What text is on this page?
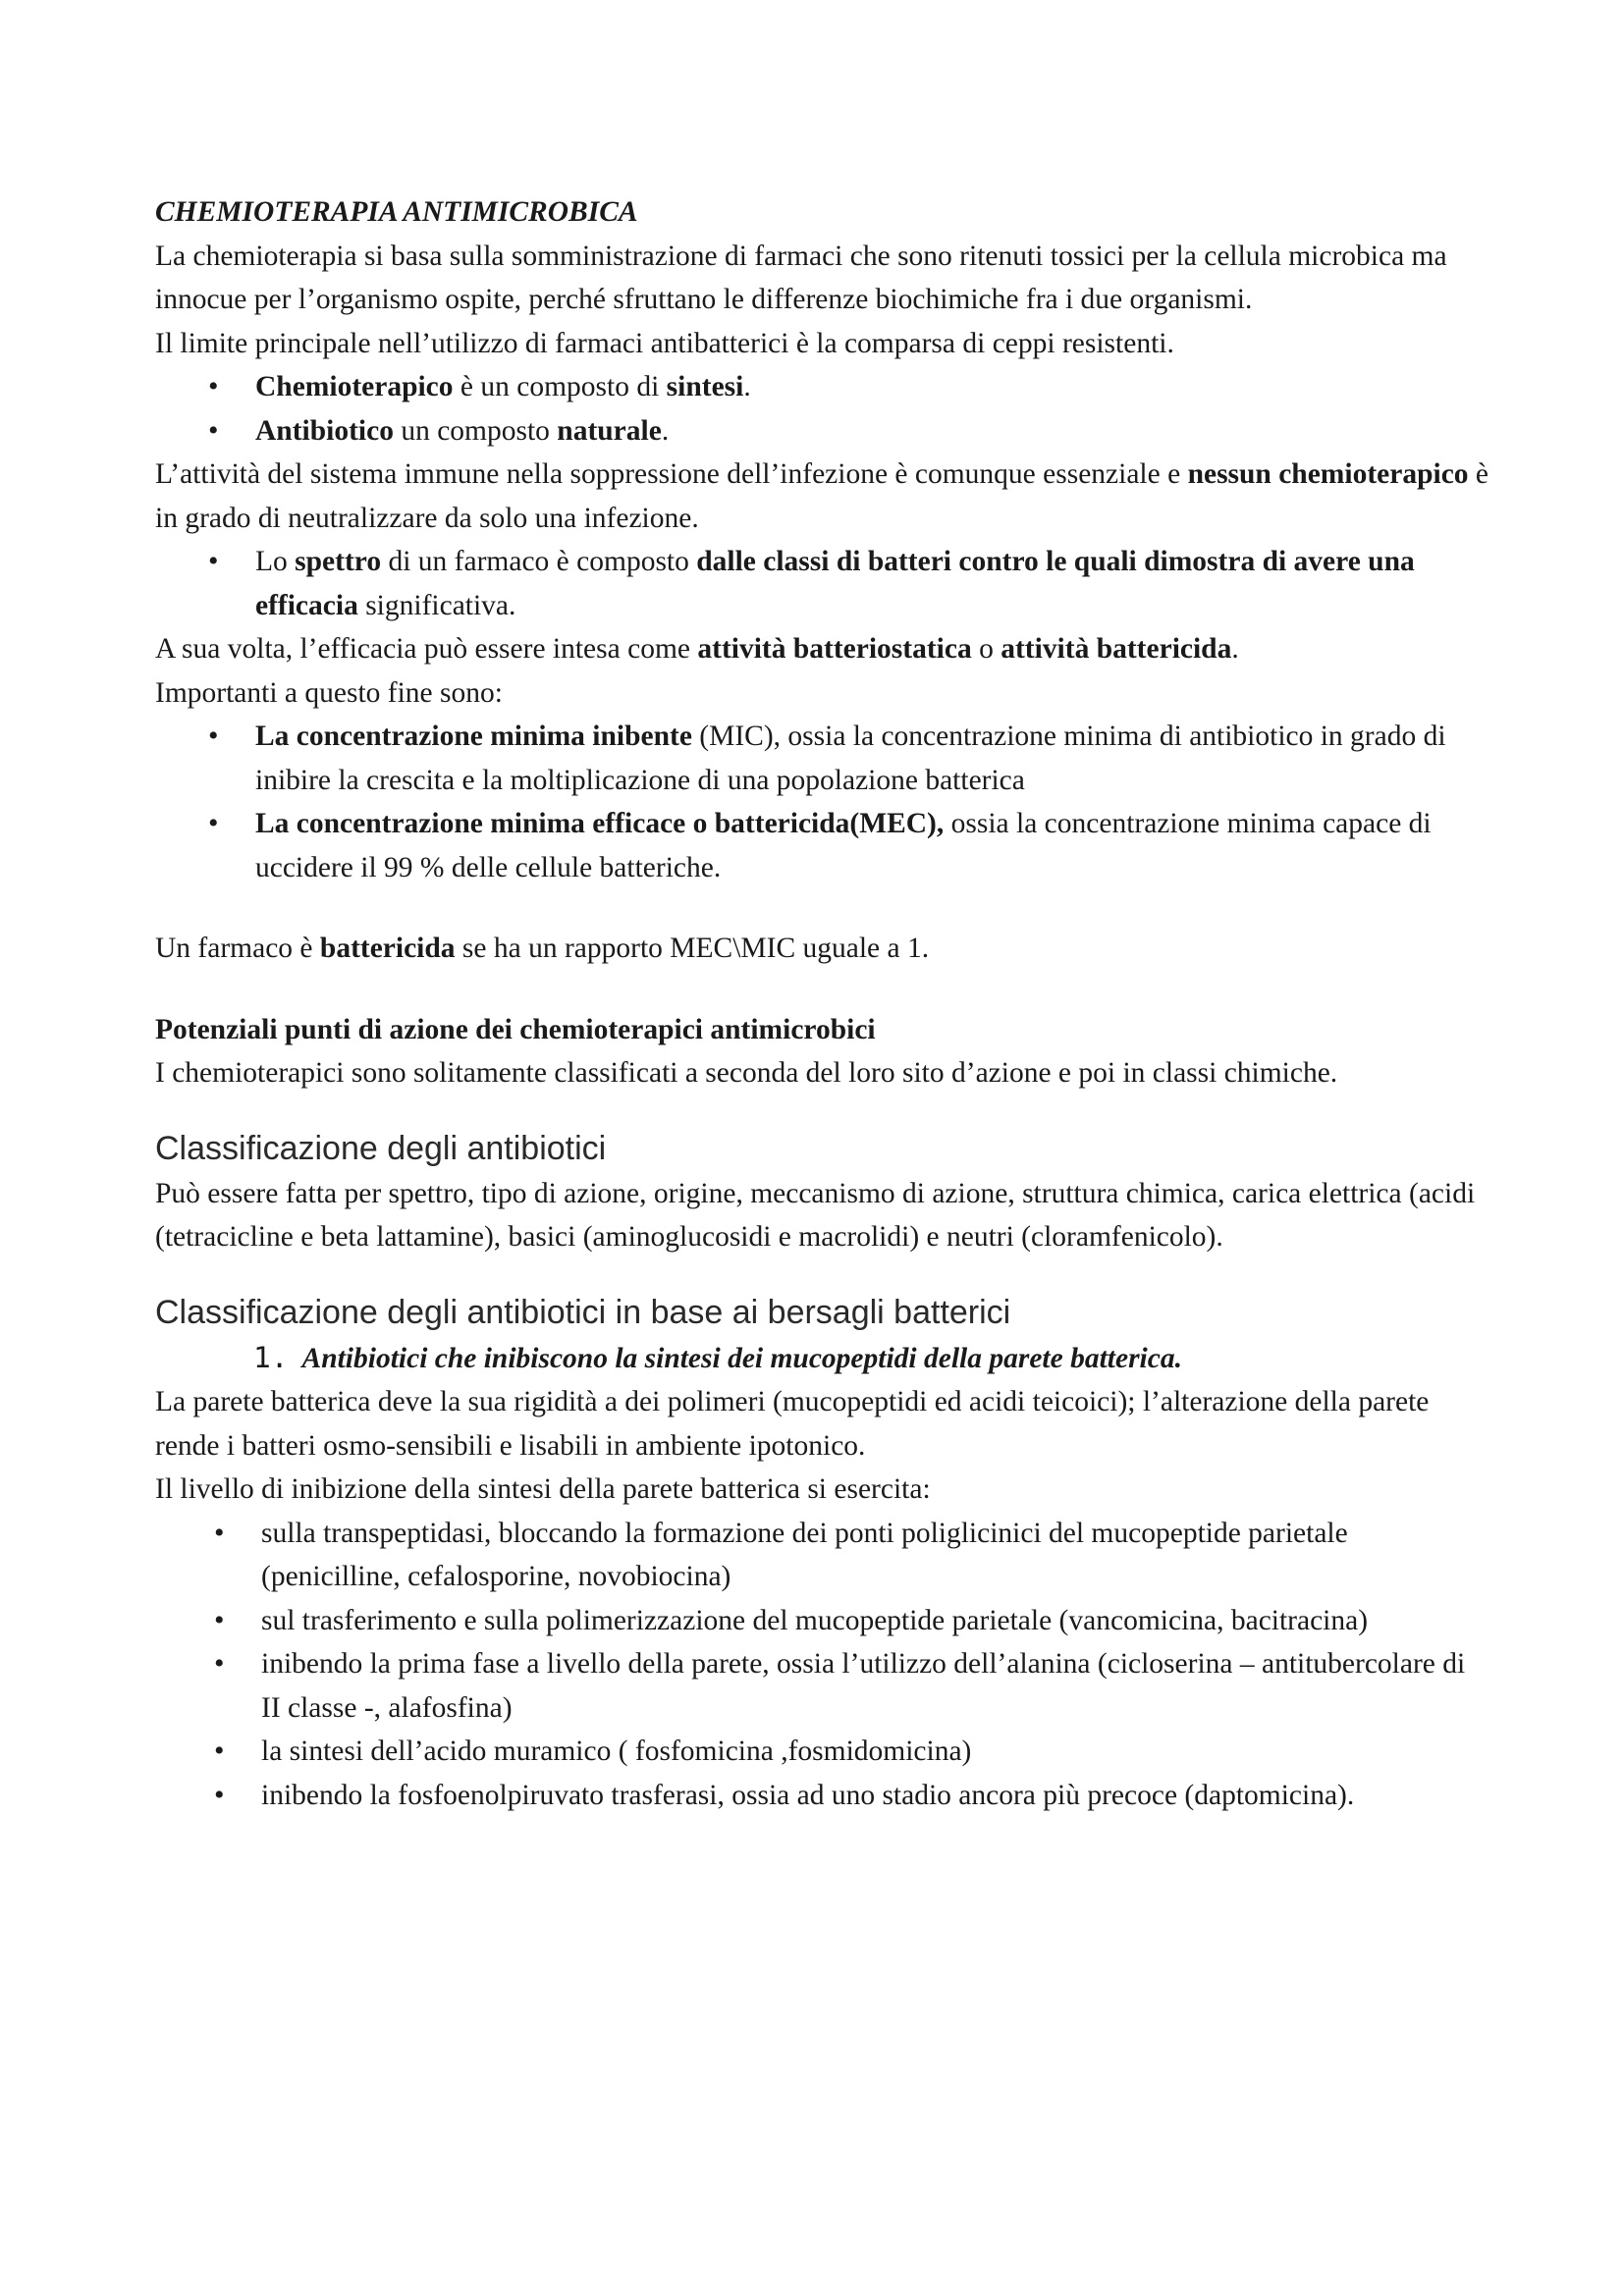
CHEMIOTERAPIA ANTIMICROBICA

La chemioterapia si basa sulla somministrazione di farmaci che sono ritenuti tossici per la cellula microbica ma innocue per l’organismo ospite, perché sfruttano le differenze biochimiche fra i due organismi.

Il limite principale nell’utilizzo di farmaci antibatterici è la comparsa di ceppi resistenti.

• Chemioterapico è un composto di sintesi.
• Antibiotico un composto naturale.

L’attività del sistema immune nella soppressione dell’infezione è comunque essenziale e nessun chemioterapico è in grado di neutralizzare da solo una infezione.

• Lo spettro di un farmaco è composto dalle classi di batteri contro le quali dimostra di avere una efficacia significativa.

A sua volta, l’efficacia può essere intesa come attività batteriostatica o attività battericida.

Importanti a questo fine sono:

• La concentrazione minima inibente (MIC), ossia la concentrazione minima di antibiotico in grado di inibire la crescita e la moltiplicazione di una popolazione batterica
• La concentrazione minima efficace o battericida(MEC), ossia la concentrazione minima capace di uccidere il 99 % delle cellule batteriche.

Un farmaco è battericida se ha un rapporto MEC\MIC uguale a 1.

Potenziali punti di azione dei chemioterapici antimicrobici

I chemioterapici sono solitamente classificati a seconda del loro sito d’azione e poi in classi chimiche.

Classificazione degli antibiotici

Può essere fatta per spettro, tipo di azione, origine, meccanismo di azione, struttura chimica, carica elettrica (acidi (tetracicline e beta lattamine), basici (aminoglucosidi e macrolidi) e neutri (cloramfenicolo).

Classificazione degli antibiotici in base ai bersagli batterici

1. Antibiotici che inibiscono la sintesi dei mucopeptidi della parete batterica.

La parete batterica deve la sua rigidità a dei polimeri (mucopeptidi ed acidi teicoici); l’alterazione della parete rende i batteri osmo-sensibili e lisabili in ambiente ipotonico.

Il livello di inibizione della sintesi della parete batterica si esercita:

• sulla transpeptidasi, bloccando la formazione dei ponti poliglicinici del mucopeptide parietale (penicilline, cefalosporine, novobiocina)
• sul trasferimento e sulla polimerizzazione del mucopeptide parietale (vancomicina, bacitracina)
• inibendo la prima fase a livello della parete, ossia l’utilizzo dell’alanina (cicloserina – antitubercolare di II classe -, alafosfina)
• la sintesi dell’acido muramico ( fosfomicina ,fosmidomicina)
• inibendo la fosfoenolpiruvato trasferasi, ossia ad uno stadio ancora più precoce (daptomicina).
